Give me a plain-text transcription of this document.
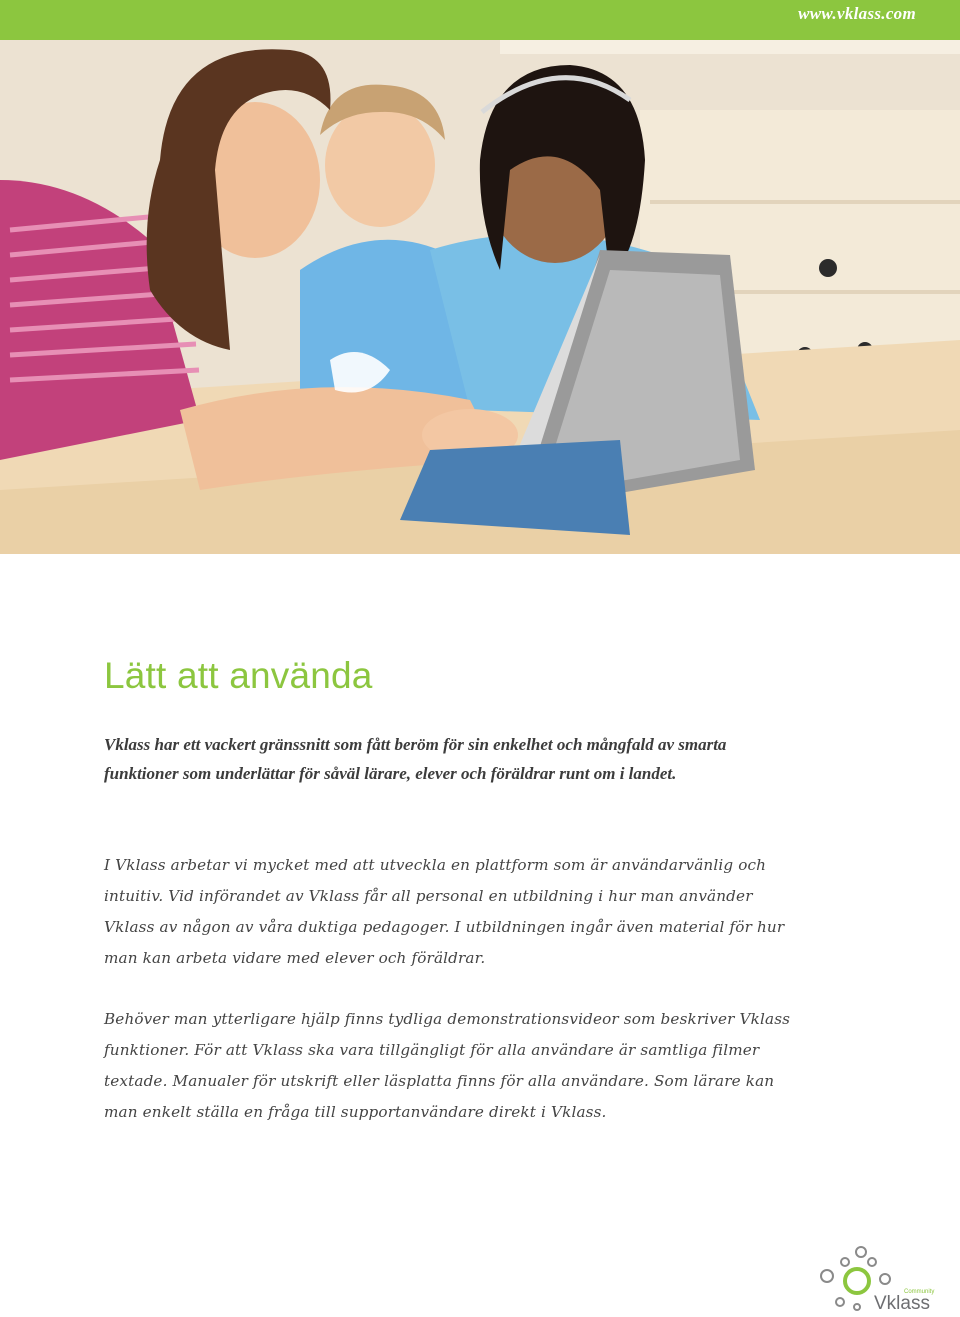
www.vklass.com
Lätt att använda

Vklass har ett vackert gränssnitt som fått beröm för sin enkelhet och mångfald av smarta funktioner som underlättar för såväl lärare, elever och föräldrar runt om i landet.

I Vklass arbetar vi mycket med att utveckla en plattform som är användarvänlig och intuitiv. Vid införandet av Vklass får all personal en utbildning i hur man använder Vklass av någon av våra duktiga pedagoger. I utbildningen ingår även material för hur man kan arbeta vidare med elever och föräldrar.

Behöver man ytterligare hjälp finns tydliga demonstrationsvideor som beskriver Vklass funktioner. För att Vklass ska vara tillgängligt för alla användare är samtliga filmer textade. Manualer för utskrift eller läsplatta finns för alla användare. Som lärare kan man enkelt ställa en fråga till supportanvändare direkt i Vklass.

Community
Vklass
